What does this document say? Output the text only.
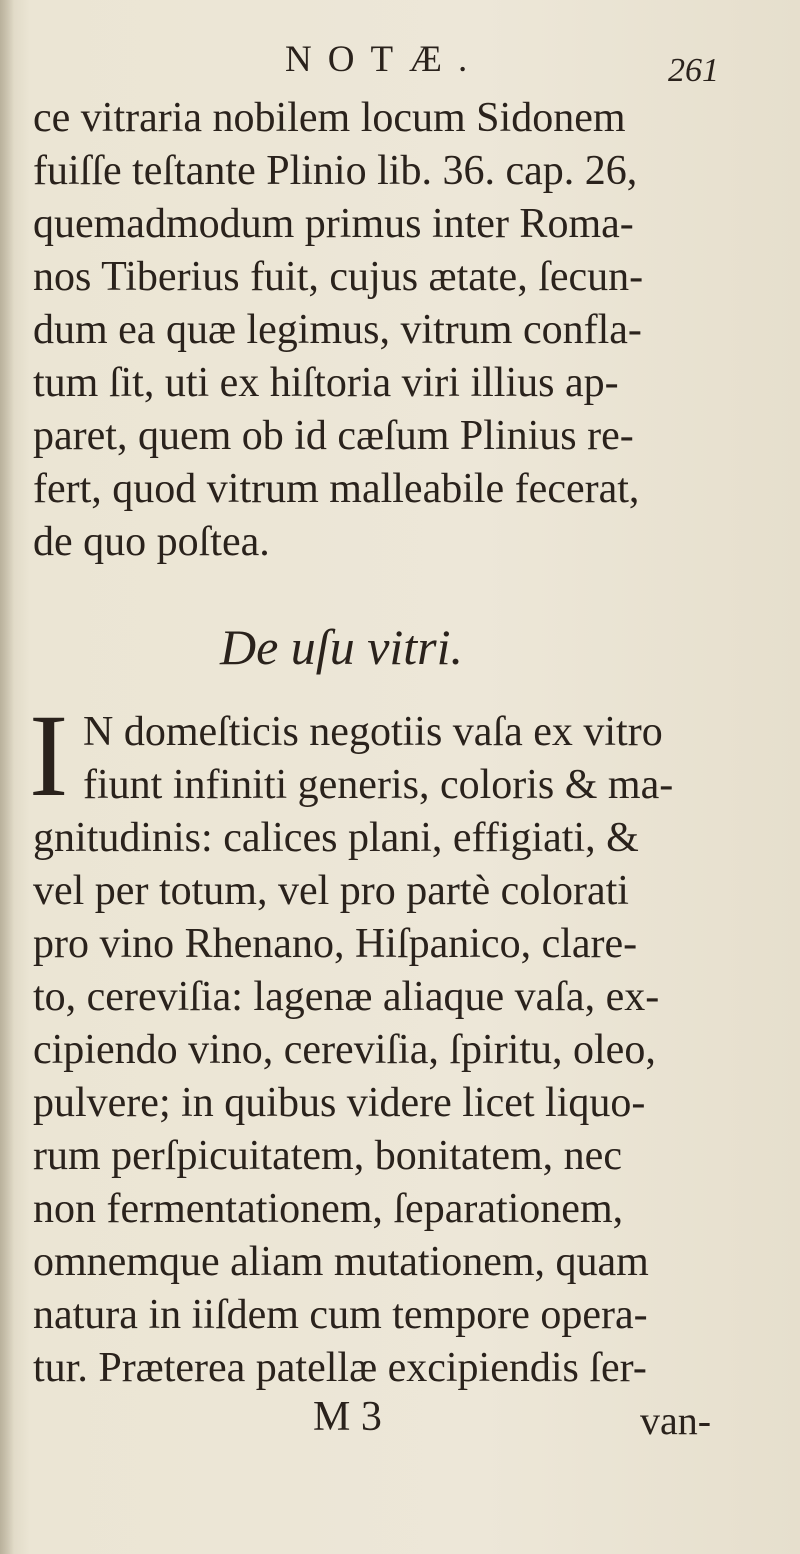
NOTÆ.	261
ce vitraria nobilem locum Sidonem
fuiſſe teſtante Plinio lib. 36. cap. 26,
quemadmodum primus inter Roma-
nos Tiberius fuit, cujus ætate, ſecun-
dum ea quæ legimus, vitrum confla-
tum ſit, uti ex hiſtoria viri illius ap-
paret, quem ob id cæſum Plinius re-
fert, quod vitrum malleabile fecerat,
de quo poſtea.
De uſu vitri.
I N domeſticis negotiis vaſa ex vitro
fiunt infiniti generis, coloris & ma-
gnitudinis: calices plani, effigiati, &
vel per totum, vel pro partè colorati
pro vino Rhenano, Hiſpanico, clare-
to, cereviſia: lagenæ aliaque vaſa, ex-
cipiendo vino, cereviſia, ſpiritu, oleo,
pulvere; in quibus videre licet liquo-
rum perſpicuitatem, bonitatem, nec
non fermentationem, ſeparationem,
omnemque aliam mutationem, quam
natura in iiſdem cum tempore opera-
tur. Præterea patellæ excipiendis ſer-
M 3	van-
